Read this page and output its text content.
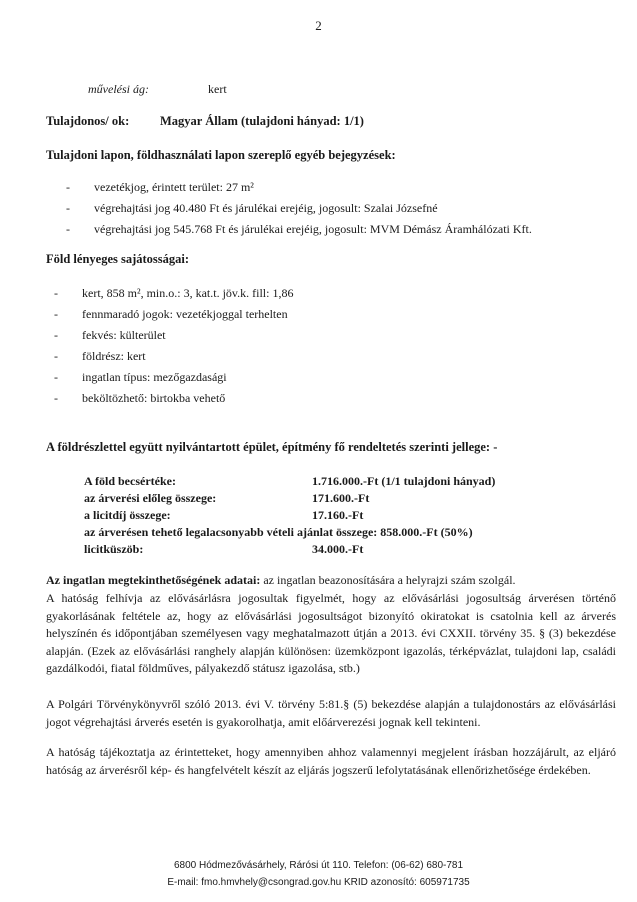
2
művelési ág:	kert
Tulajdonos/ ok: Magyar Állam (tulajdoni hányad: 1/1)
Tulajdoni lapon, földhasználati lapon szereplő egyéb bejegyzések:
- vezetékjog, érintett terület: 27 m²
- végrehajtási jog 40.480 Ft és járulékai erejéig, jogosult: Szalai Józsefné
- végrehajtási jog 545.768 Ft és járulékai erejéig, jogosult: MVM Démász Áramhálózati Kft.
Föld lényeges sajátosságai:
- kert, 858 m², min.o.: 3, kat.t. jöv.k. fill: 1,86
- fennmaradó jogok: vezetékjoggal terhelten
- fekvés: külterület
- földrész: kert
- ingatlan típus: mezőgazdasági
- beköltözhető: birtokba vehető
A földrészlettel együtt nyilvántartott épület, építmény fő rendeltetés szerinti jellege: -
A föld becsértéke:	1.716.000.-Ft (1/1 tulajdoni hányad)
az árverési előleg összege:	171.600.-Ft
a licitdíj összege:	17.160.-Ft
az árverésen tehető legalacsonyabb vételi ajánlat összege: 858.000.-Ft (50%)
licitküszöb:	34.000.-Ft
Az ingatlan megtekinthetőségének adatai: az ingatlan beazonosítására a helyrajzi szám szolgál.
A hatóság felhívja az elővásárlásra jogosultak figyelmét, hogy az elővásárlási jogosultság árverésen történő gyakorlásának feltétele az, hogy az elővásárlási jogosultságot bizonyító okiratokat is csatolnia kell az árverés helyszínén és időpontjában személyesen vagy meghatalmazott útján a 2013. évi CXXII. törvény 35. § (3) bekezdése alapján. (Ezek az elővásárlási ranghely alapján különösen: üzemközpont igazolás, térképvázlat, tulajdoni lap, családi gazdálkodói, fiatal földműves, pályakezdő státusz igazolása, stb.)
A Polgári Törvénykönyvről szóló 2013. évi V. törvény 5:81.§ (5) bekezdése alapján a tulajdonostárs az elővásárlási jogot végrehajtási árverés esetén is gyakorolhatja, amit előárverezési jognak kell tekinteni.
A hatóság tájékoztatja az érintetteket, hogy amennyiben ahhoz valamennyi megjelent írásban hozzájárult, az eljáró hatóság az árverésről kép- és hangfelvételt készít az eljárás jogszerű lefolytatásának ellenőrizhetősége érdekében.
6800 Hódmezővásárhely, Rárósi út 110. Telefon: (06-62) 680-781
E-mail: fmo.hmvhely@csongrad.gov.hu KRID azonosító: 605971735
